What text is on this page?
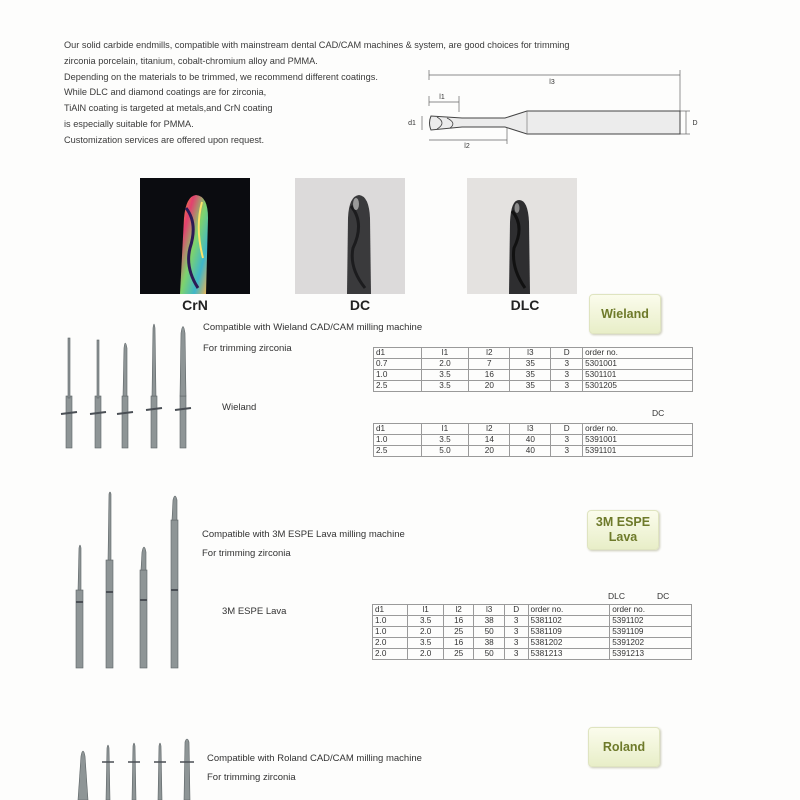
Our solid carbide endmills, compatible with mainstream dental CAD/CAM machines & system, are good choices for trimming
zirconia porcelain, titanium, cobalt-chromium alloy and PMMA.
Depending on the materials to be trimmed, we recommend different coatings.
While DLC and diamond coatings are for zirconia,
TiAlN coating is targeted at metals,and CrN coating
is especially suitable for PMMA.
Customization services are offered upon request.
l3
l1
d1
l2
D
CrN	DC	DLC
Wieland
Compatible with Wieland CAD/CAM milling machine
For trimming zirconia
Wieland
d1	l1	l2	l3	D	order no.
0.7	2.0	7	35	3	5301001
1.0	3.5	16	35	3	5301101
2.5	3.5	20	35	3	5301205
DC
d1	l1	l2	l3	D	order no.
1.0	3.5	14	40	3	5391001
2.5	5.0	20	40	3	5391101
3M ESPE
Lava
Compatible with 3M ESPE Lava milling machine
For trimming zirconia
3M ESPE Lava
DLC	DC
d1	l1	l2	l3	D	order no.	order no.
1.0	3.5	16	38	3	5381102	5391102
1.0	2.0	25	50	3	5381109	5391109
2.0	3.5	16	38	3	5381202	5391202
2.0	2.0	25	50	3	5381213	5391213
Roland
Compatible with Roland CAD/CAM milling machine
For trimming zirconia
